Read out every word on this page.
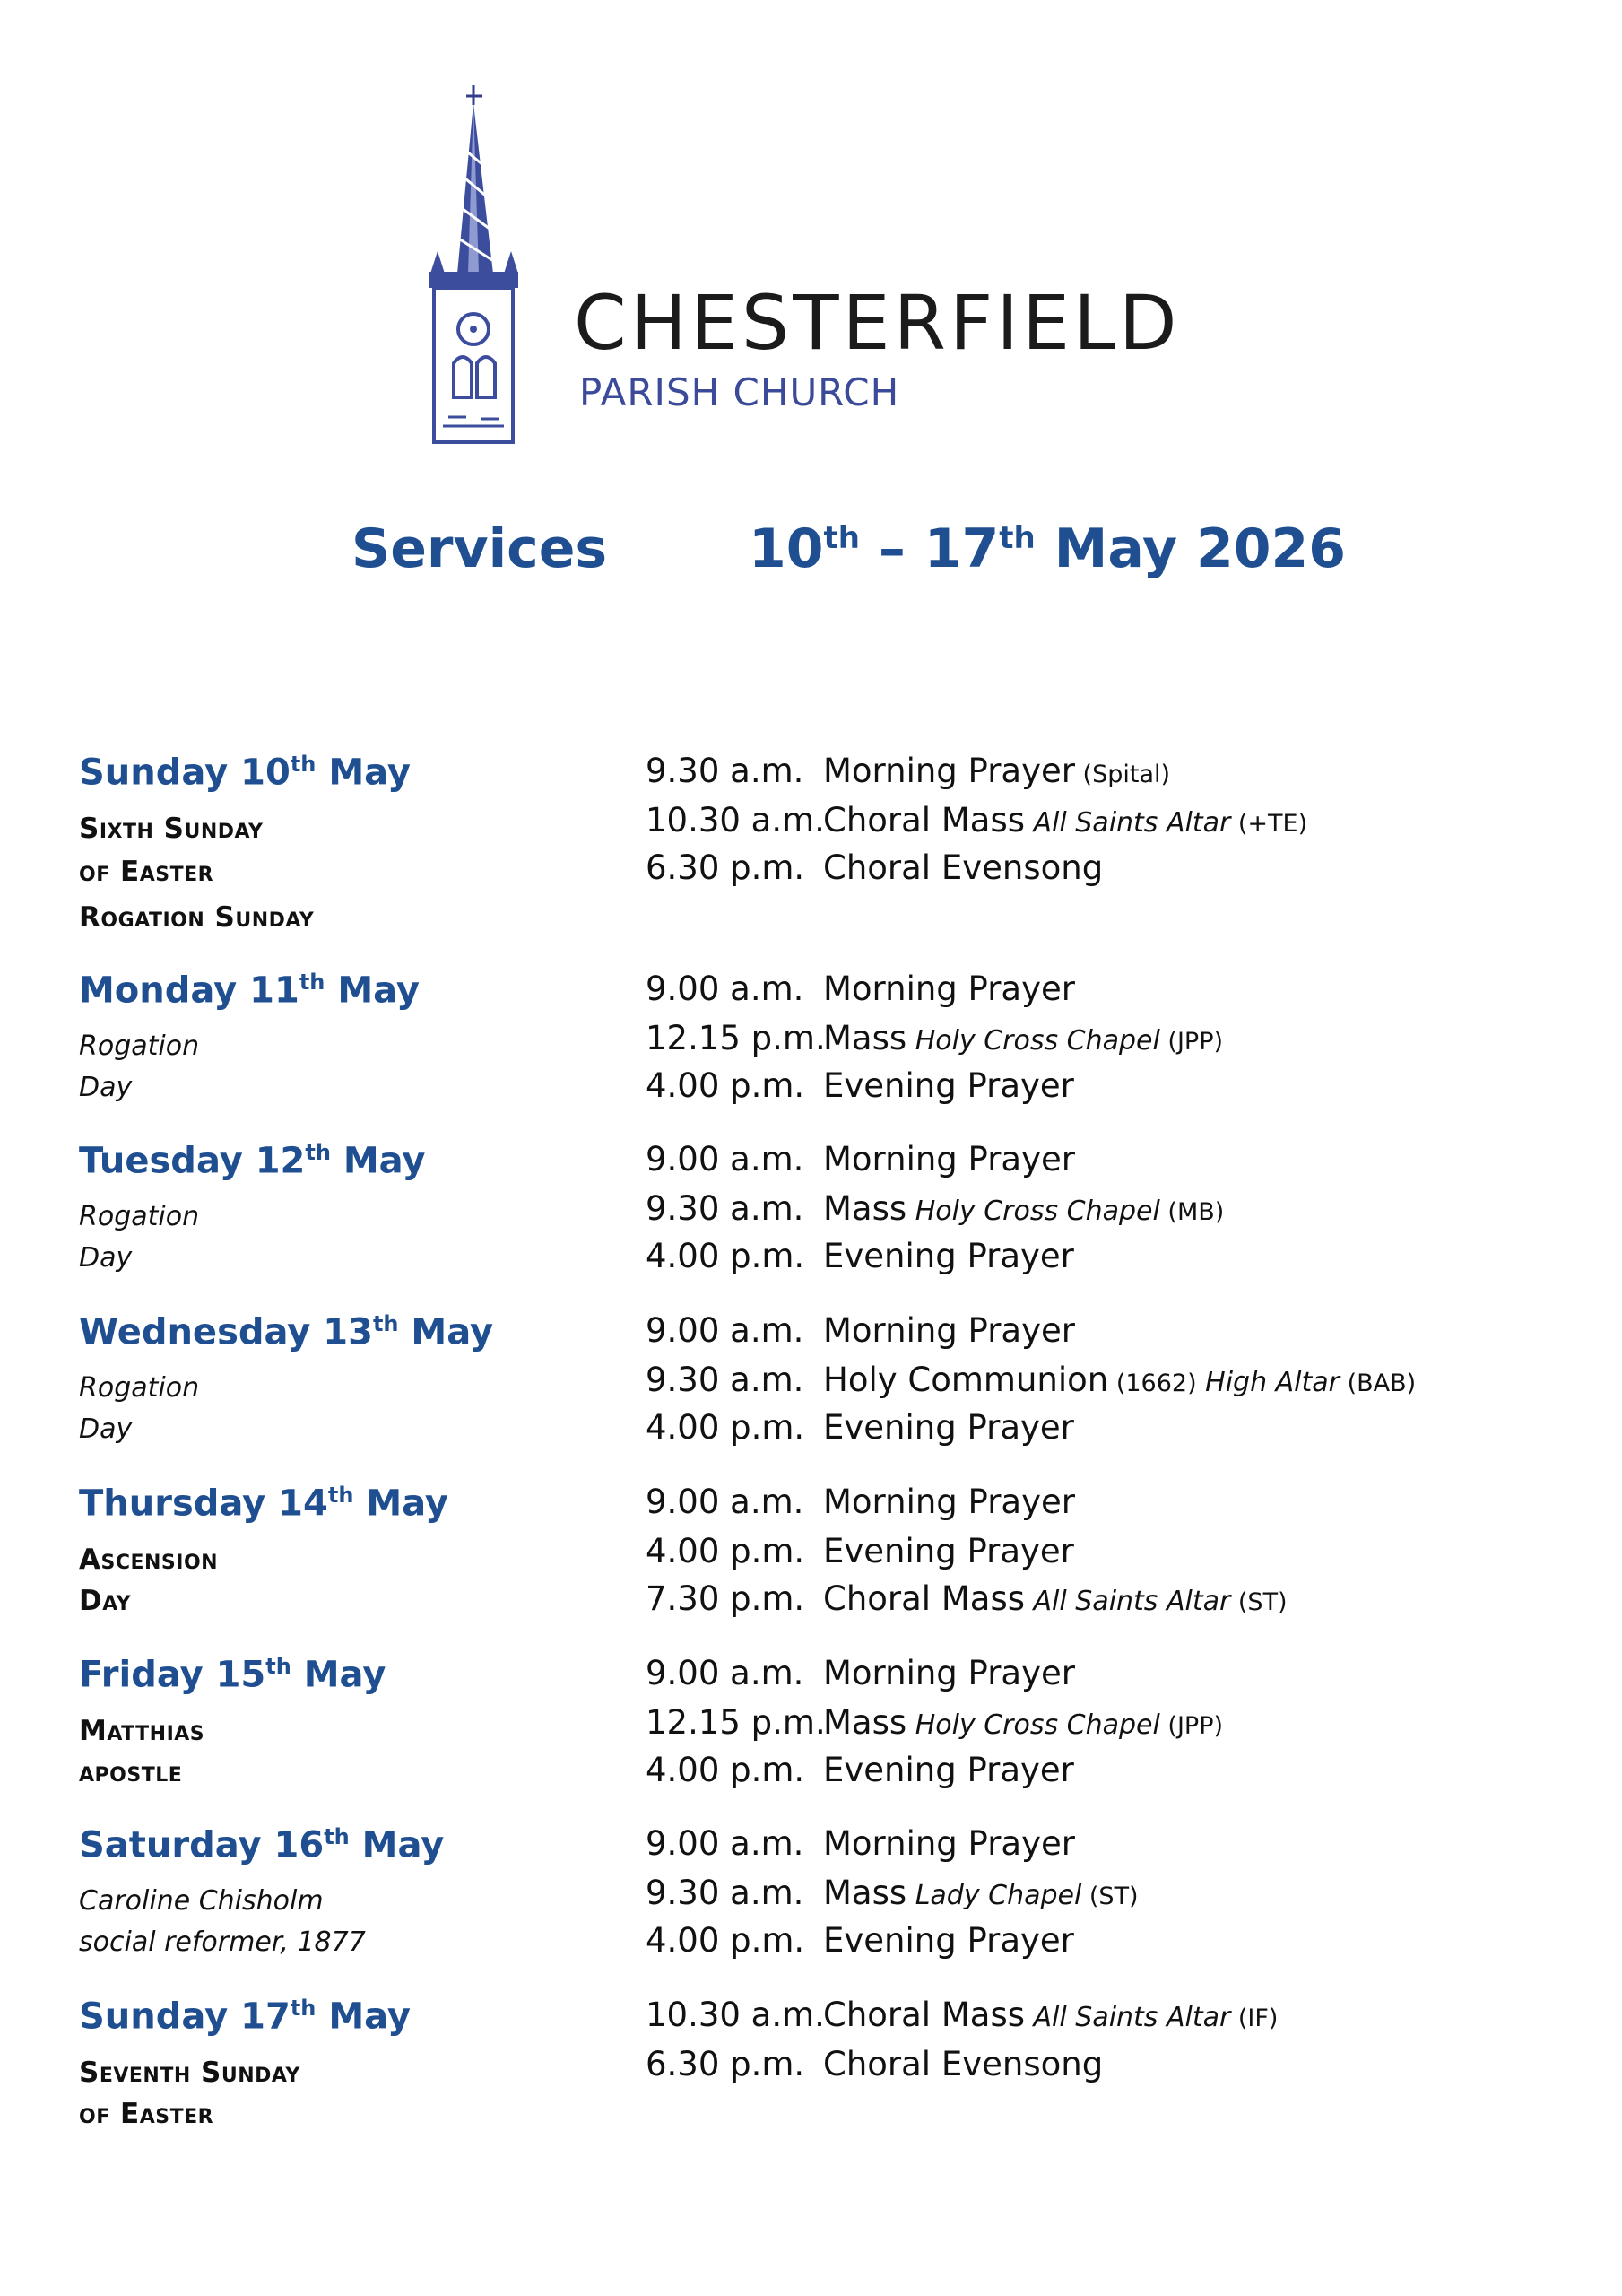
CHESTERFIELD
PARISH CHURCH
Services	10th – 17th May 2026
Sunday 10th May
Sixth Sunday
of Easter
Rogation Sunday
9.30 a.m. Morning Prayer (Spital)
10.30 a.m.Choral Mass All Saints Altar (+TE)
6.30 p.m. Choral Evensong
Monday 11th May
Rogation
Day
9.00 a.m. Morning Prayer
12.15 p.m.Mass Holy Cross Chapel (JPP)
4.00 p.m. Evening Prayer
Tuesday 12th May
Rogation
Day
9.00 a.m. Morning Prayer
9.30 a.m. Mass Holy Cross Chapel (MB)
4.00 p.m. Evening Prayer
Wednesday 13th May
Rogation
Day
9.00 a.m. Morning Prayer
9.30 a.m. Holy Communion (1662) High Altar (BAB)
4.00 p.m. Evening Prayer
Thursday 14th May
Ascension
Day
9.00 a.m. Morning Prayer
4.00 p.m. Evening Prayer
7.30 p.m. Choral Mass All Saints Altar (ST)
Friday 15th May
Matthias
apostle
9.00 a.m. Morning Prayer
12.15 p.m.Mass Holy Cross Chapel (JPP)
4.00 p.m. Evening Prayer
Saturday 16th May
Caroline Chisholm
social reformer, 1877
9.00 a.m. Morning Prayer
9.30 a.m. Mass Lady Chapel (ST)
4.00 p.m. Evening Prayer
Sunday 17th May
Seventh Sunday
of Easter
10.30 a.m.Choral Mass All Saints Altar (IF)
6.30 p.m. Choral Evensong
